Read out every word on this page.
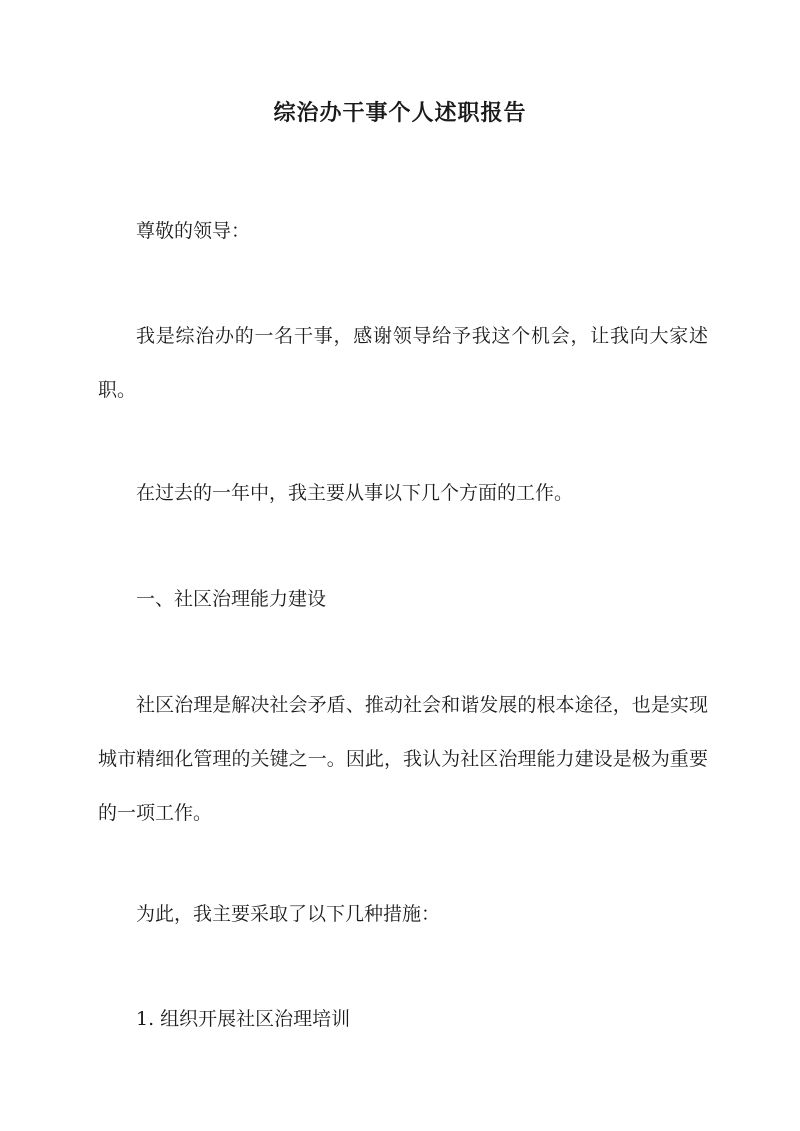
综治办干事个人述职报告

尊敬的领导：

我是综治办的一名干事，感谢领导给予我这个机会，让我向大家述职。

在过去的一年中，我主要从事以下几个方面的工作。

一、社区治理能力建设

社区治理是解决社会矛盾、推动社会和谐发展的根本途径，也是实现城市精细化管理的关键之一。因此，我认为社区治理能力建设是极为重要的一项工作。

为此，我主要采取了以下几种措施：

1. 组织开展社区治理培训
